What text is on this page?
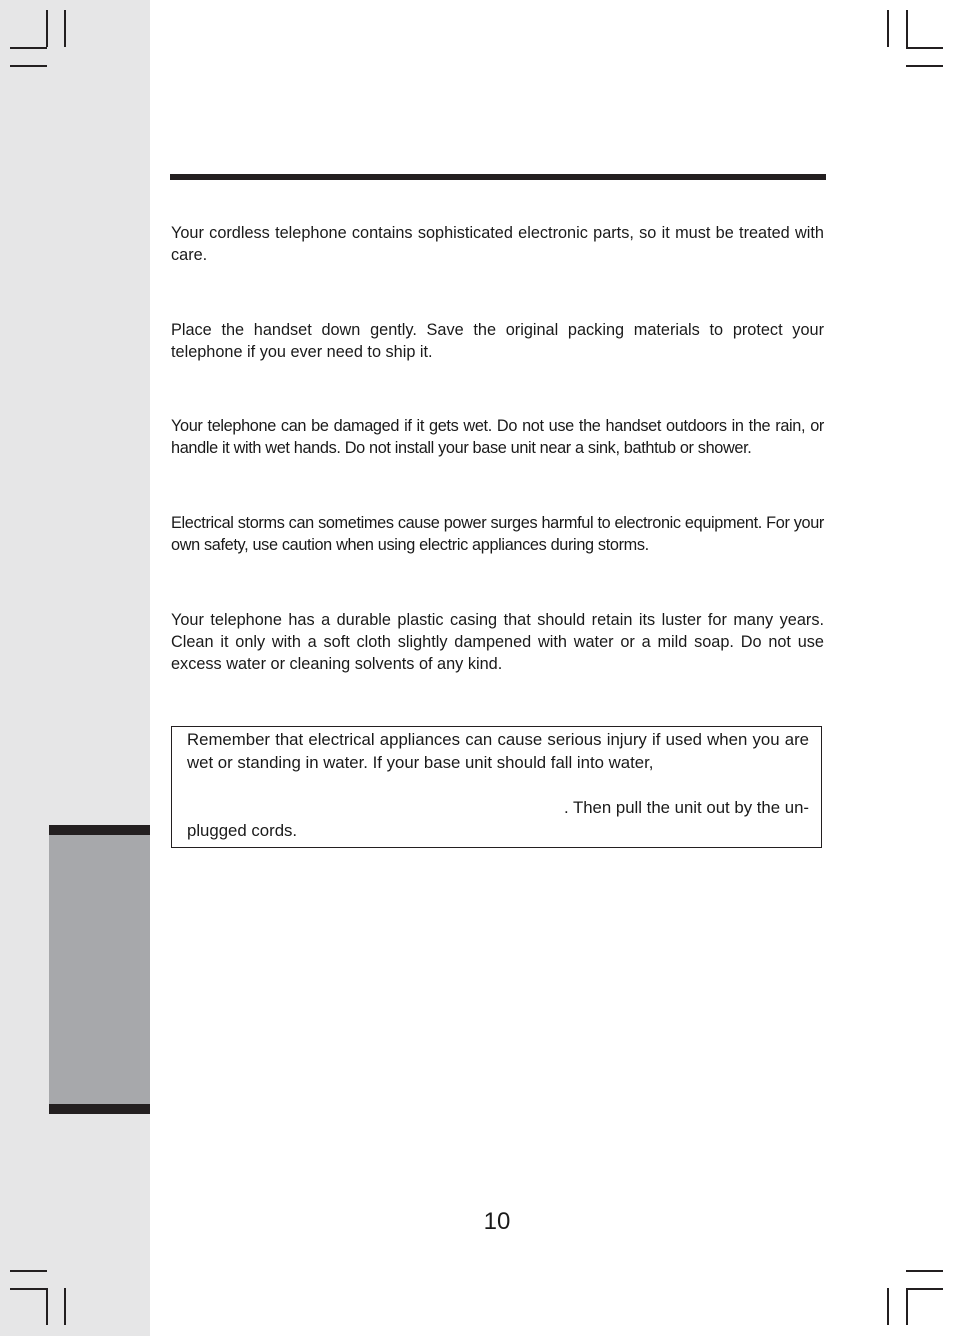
Your cordless telephone contains sophisticated electronic parts, so it must be treated with care.

Place the handset down gently. Save the original packing materials to protect your telephone if you ever need to ship it.

Your telephone can be damaged if it gets wet. Do not use the handset outdoors in the rain, or handle it with wet hands. Do not install your base unit near a sink, bathtub or shower.

Electrical storms can sometimes cause power surges harmful to electronic equipment. For your own safety, use caution when using electric appliances during storms.

Your telephone has a durable plastic casing that should retain its luster for many years. Clean it only with a soft cloth slightly dampened with water or a mild soap. Do not use excess water or cleaning solvents of any kind.

Remember that electrical appliances can cause serious injury if used when you are wet or standing in water. If your base unit should fall into water,

. Then pull the unit out by the un-

plugged cords.

10
